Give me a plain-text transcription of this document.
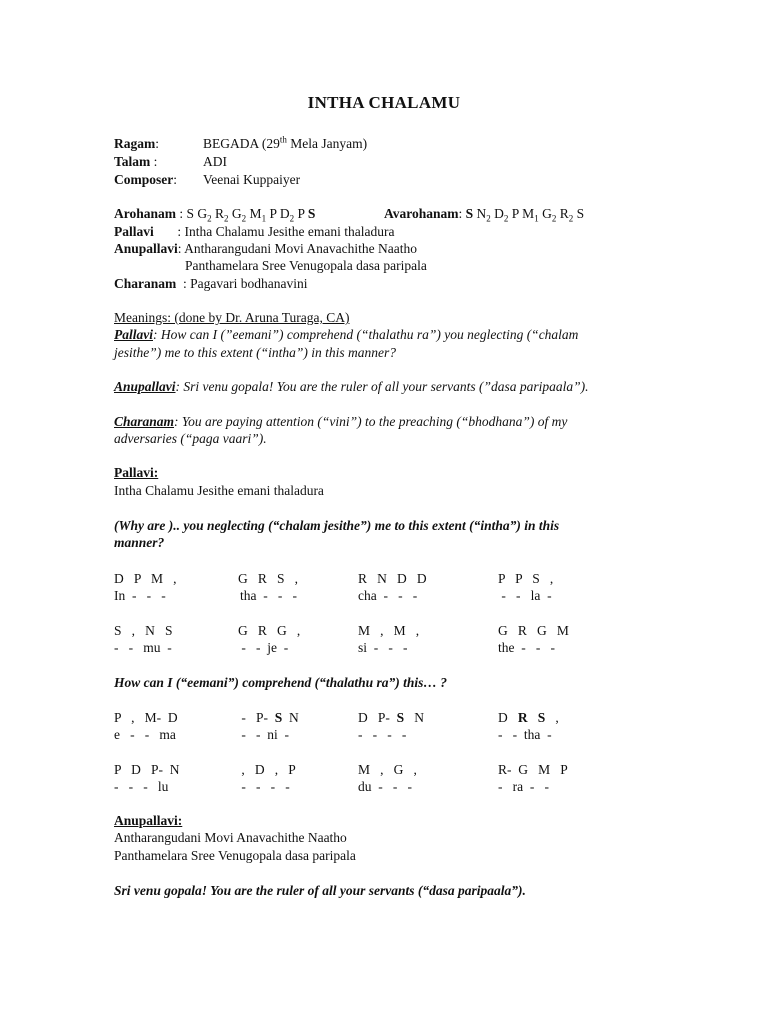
INTHA CHALAMU
Ragam:	BEGADA (29th Mela Janyam)
Talam :	ADI
Composer: Veenai Kuppaiyer
Arohanam : S $G_2$ $R_2$ $G_2$ $M_1$ P $D_2$ P S	Avarohanam: S $N_2$ $D_2$ P $M_1$ $G_2$ $R_2$ S
Pallavi       : Intha Chalamu Jesithe emani thaladura
Anupallavi: Antharangudani Movi Anavachithe Naatho
Panthamelara Sree Venugopala dasa paripala
Charanam  : Pagavari bodhanavini
Meanings: (done by Dr. Aruna Turaga, CA)
Pallavi: How can I (”eemani”) comprehend (“thalathu ra”) you neglecting (“chalam
jesithe”) me to this extent (“intha”) in this manner?
Anupallavi: Sri venu gopala! You are the ruler of all your servants (”dasa paripaala”).
Charanam: You are paying attention (“vini”) to the preaching (“bhodhana”) of my
adversaries (“paga vaari”).
Pallavi:
Intha Chalamu Jesithe emani thaladura
(Why are ).. you neglecting (“chalam jesithe”) me to this extent (“intha”) in this
manner?
D   P   M   ,	G   R   S   ,	R   N   D   D	P   P   S   ,
In  -   -   -	tha  -   -   -	cha  -   -   -	-   -   la  -
S   ,   N   S	G   R   G   ,	M   ,   M   ,	G   R   G   M
-   -   mu  -	-   -  je  -	si  -   -   -	the  -   -   -
How can I (“eemani”) comprehend (“thalathu ra”) this… ?
P   ,   M-  D	-   P-  S  N	D   P-  S   N	D   R S   ,
e   -   -   ma	-   -  ni  -	-   -   -   -	-   -  tha  -
P   D   P-  N	,   D   ,   P	M   ,   G   ,	R-  G   M   P
-   -   -   lu	-   -   -   -	du  -   -   -	-   ra  -   -
Anupallavi:
Antharangudani Movi Anavachithe Naatho
Panthamelara Sree Venugopala dasa paripala
Sri venu gopala! You are the ruler of all your servants (“dasa paripaala”).
